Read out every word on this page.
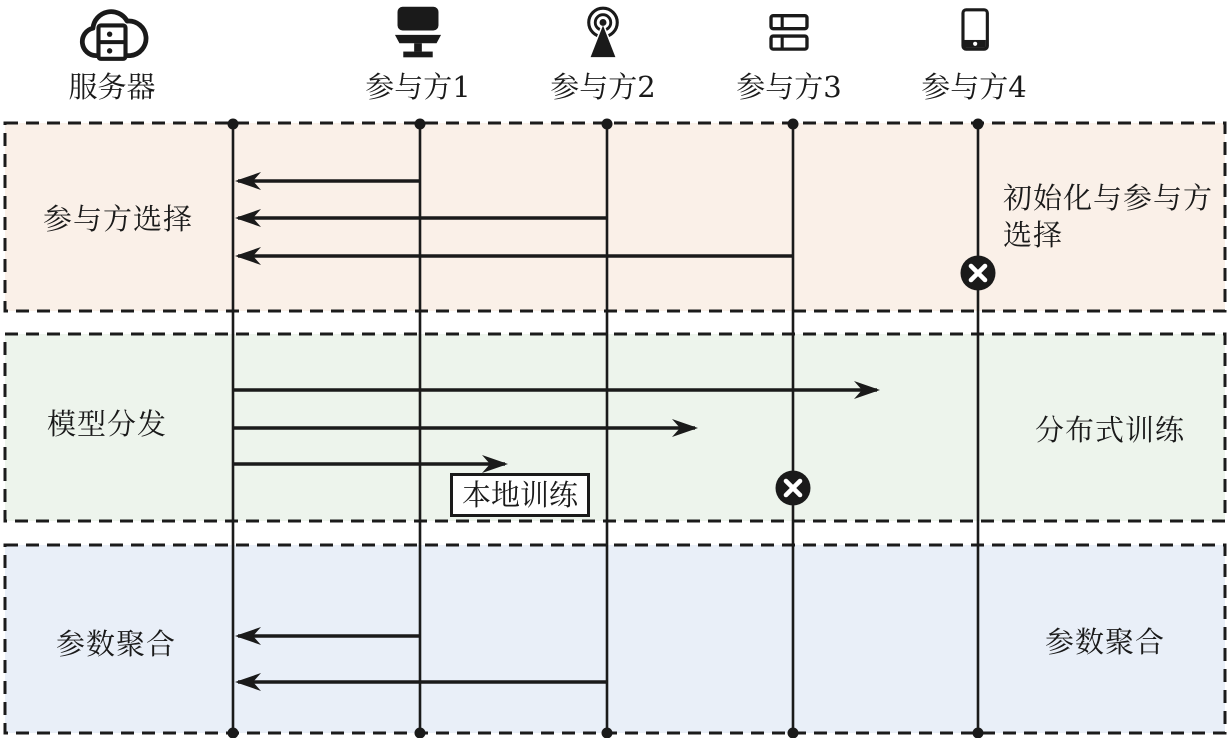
服务器	参与方1	参与方2	参与方3	参与方4
参与方选择
模型分发
参数聚合
初始化与参与方选择
分布式训练
参数聚合
本地训练
